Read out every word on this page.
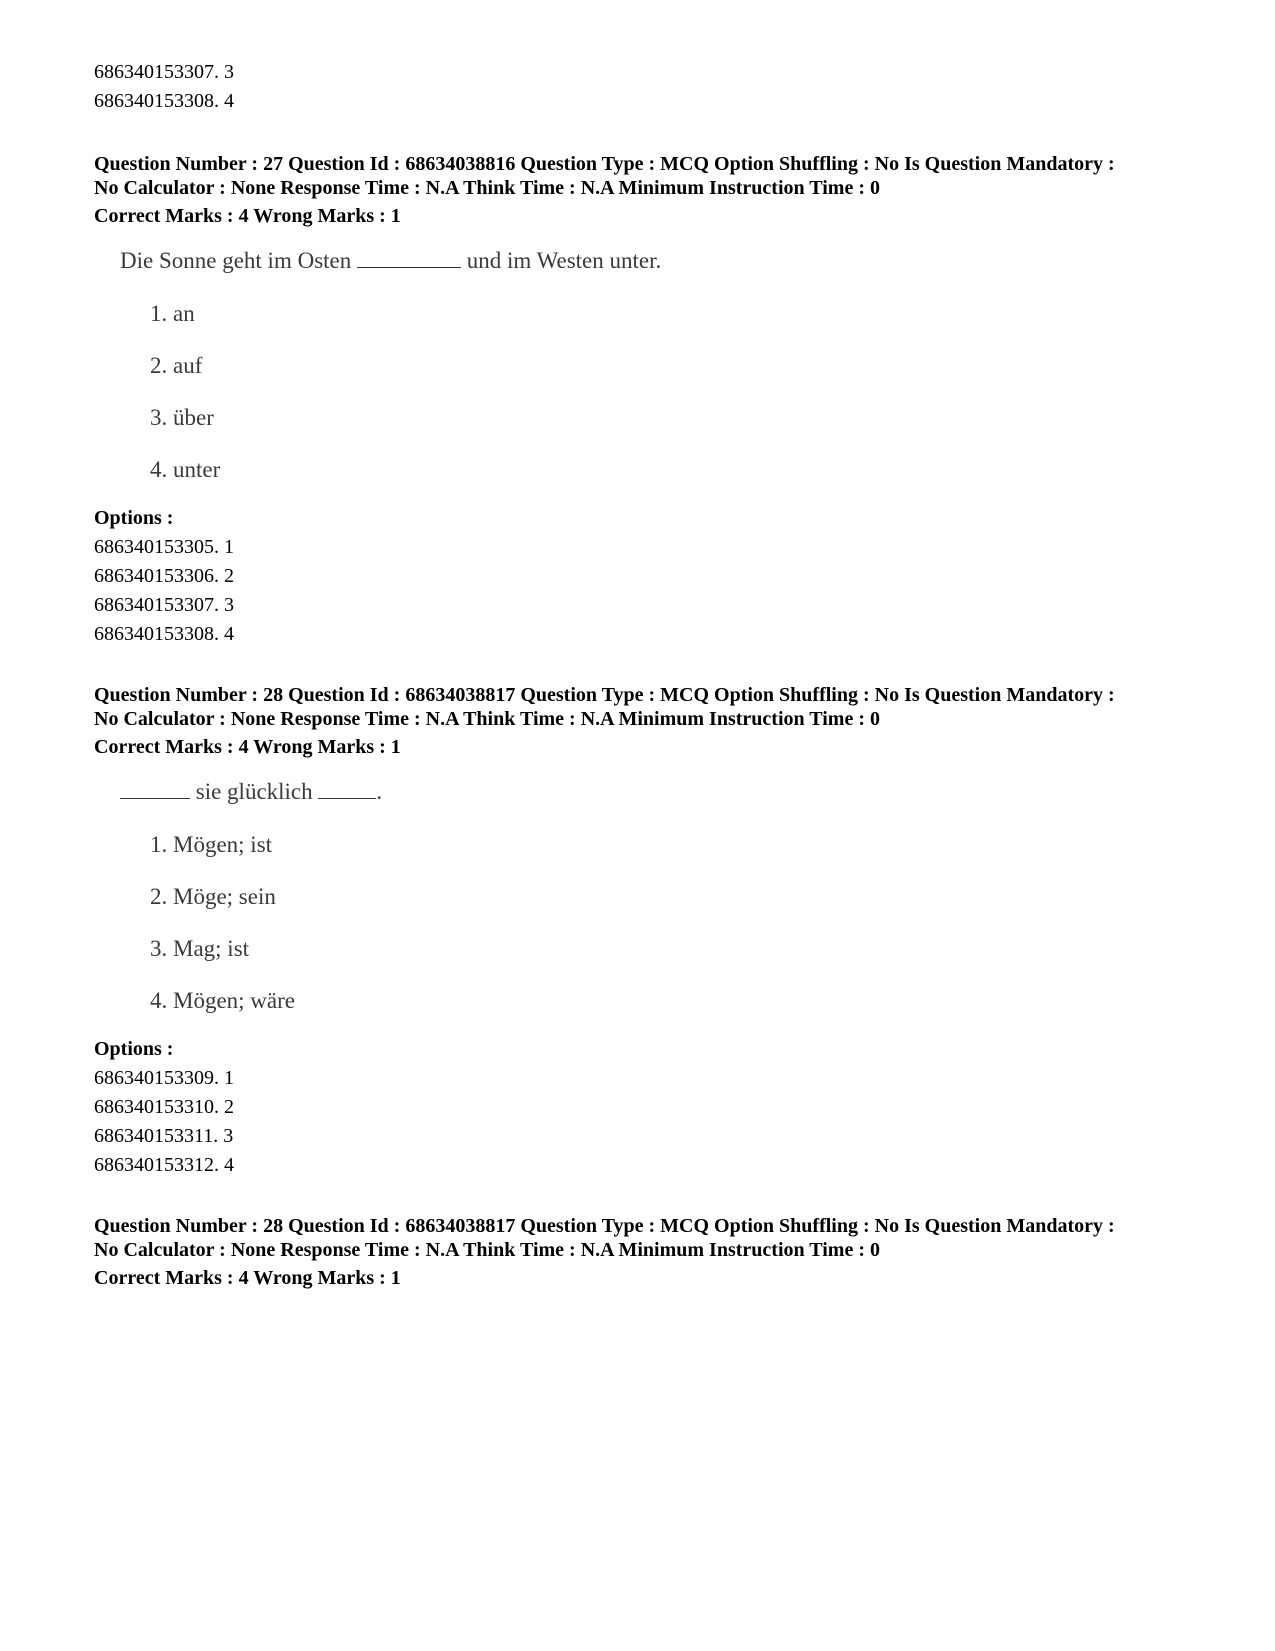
686340153307. 3
686340153308. 4
Question Number : 27 Question Id : 68634038816 Question Type : MCQ Option Shuffling : No Is Question Mandatory :
No Calculator : None Response Time : N.A Think Time : N.A Minimum Instruction Time : 0
Correct Marks : 4 Wrong Marks : 1
Die Sonne geht im Osten	und im Westen unter.
1. an
2. auf
3. über
4. unter
Options :
686340153305. 1
686340153306. 2
686340153307. 3
686340153308. 4
Question Number : 28 Question Id : 68634038817 Question Type : MCQ Option Shuffling : No Is Question Mandatory :
No Calculator : None Response Time : N.A Think Time : N.A Minimum Instruction Time : 0
Correct Marks : 4 Wrong Marks : 1
sie glücklich	.
1. Mögen; ist
2. Möge; sein
3. Mag; ist
4. Mögen; wäre
Options :
686340153309. 1
686340153310. 2
686340153311. 3
686340153312. 4
Question Number : 28 Question Id : 68634038817 Question Type : MCQ Option Shuffling : No Is Question Mandatory :
No Calculator : None Response Time : N.A Think Time : N.A Minimum Instruction Time : 0
Correct Marks : 4 Wrong Marks : 1
